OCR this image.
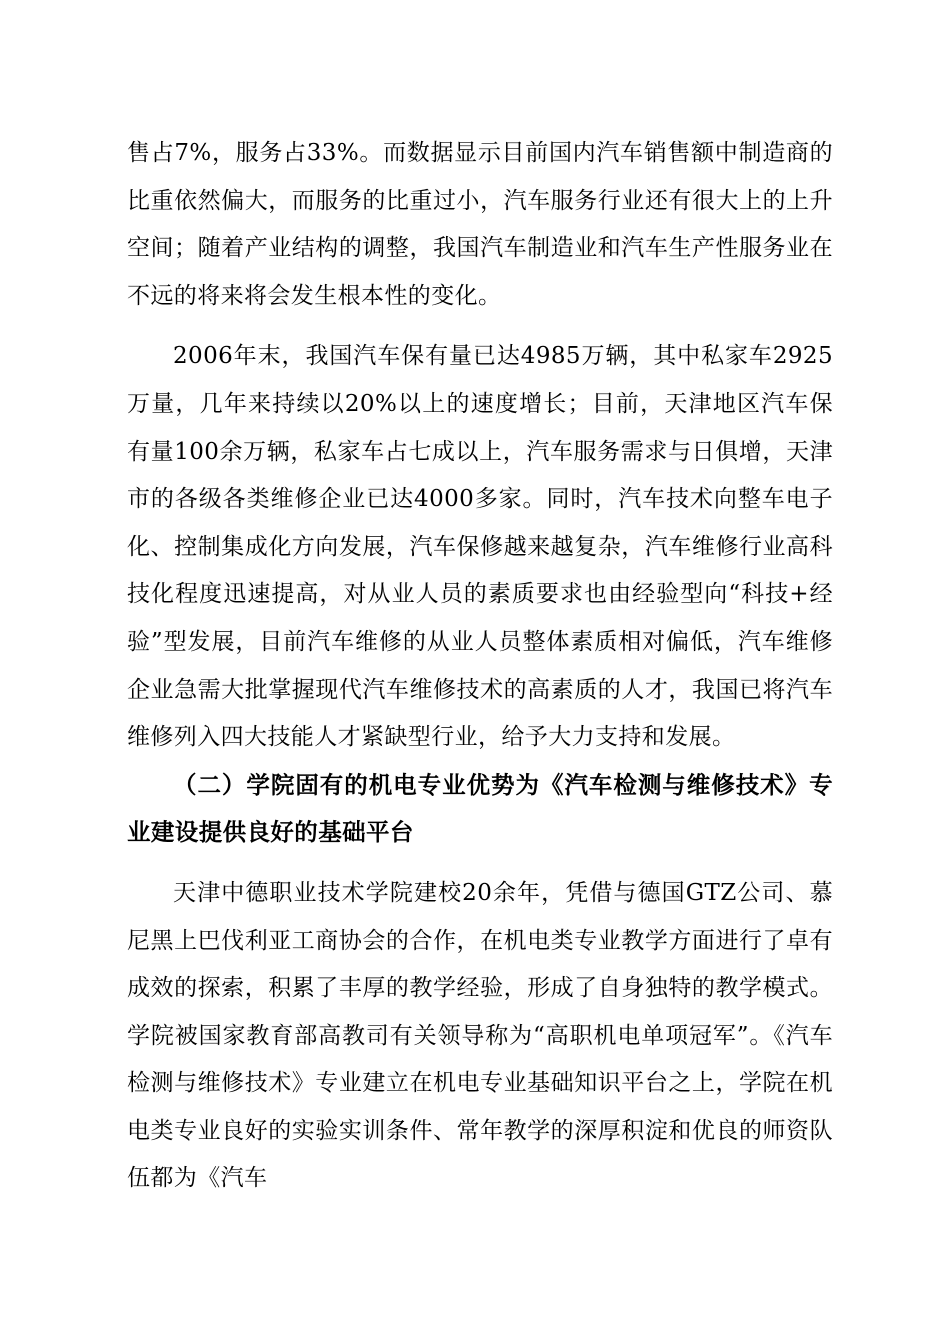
售占7%，服务占33%。而数据显示目前国内汽车销售额中制造商的比重依然偏大，而服务的比重过小，汽车服务行业还有很大上的上升空间；随着产业结构的调整，我国汽车制造业和汽车生产性服务业在不远的将来将会发生根本性的变化。

2006年末，我国汽车保有量已达4985万辆，其中私家车2925万量，几年来持续以20%以上的速度增长；目前，天津地区汽车保有量100余万辆，私家车占七成以上，汽车服务需求与日俱增，天津市的各级各类维修企业已达4000多家。同时，汽车技术向整车电子化、控制集成化方向发展，汽车保修越来越复杂，汽车维修行业高科技化程度迅速提高，对从业人员的素质要求也由经验型向“科技+经验”型发展，目前汽车维修的从业人员整体素质相对偏低，汽车维修企业急需大批掌握现代汽车维修技术的高素质的人才，我国已将汽车维修列入四大技能人才紧缺型行业，给予大力支持和发展。

（二）学院固有的机电专业优势为《汽车检测与维修技术》专业建设提供良好的基础平台

天津中德职业技术学院建校20余年，凭借与德国GTZ公司、慕尼黑上巴伐利亚工商协会的合作，在机电类专业教学方面进行了卓有成效的探索，积累了丰厚的教学经验，形成了自身独特的教学模式。学院被国家教育部高教司有关领导称为“高职机电单项冠军”。《汽车检测与维修技术》专业建立在机电专业基础知识平台之上，学院在机电类专业良好的实验实训条件、常年教学的深厚积淀和优良的师资队伍都为《汽车
